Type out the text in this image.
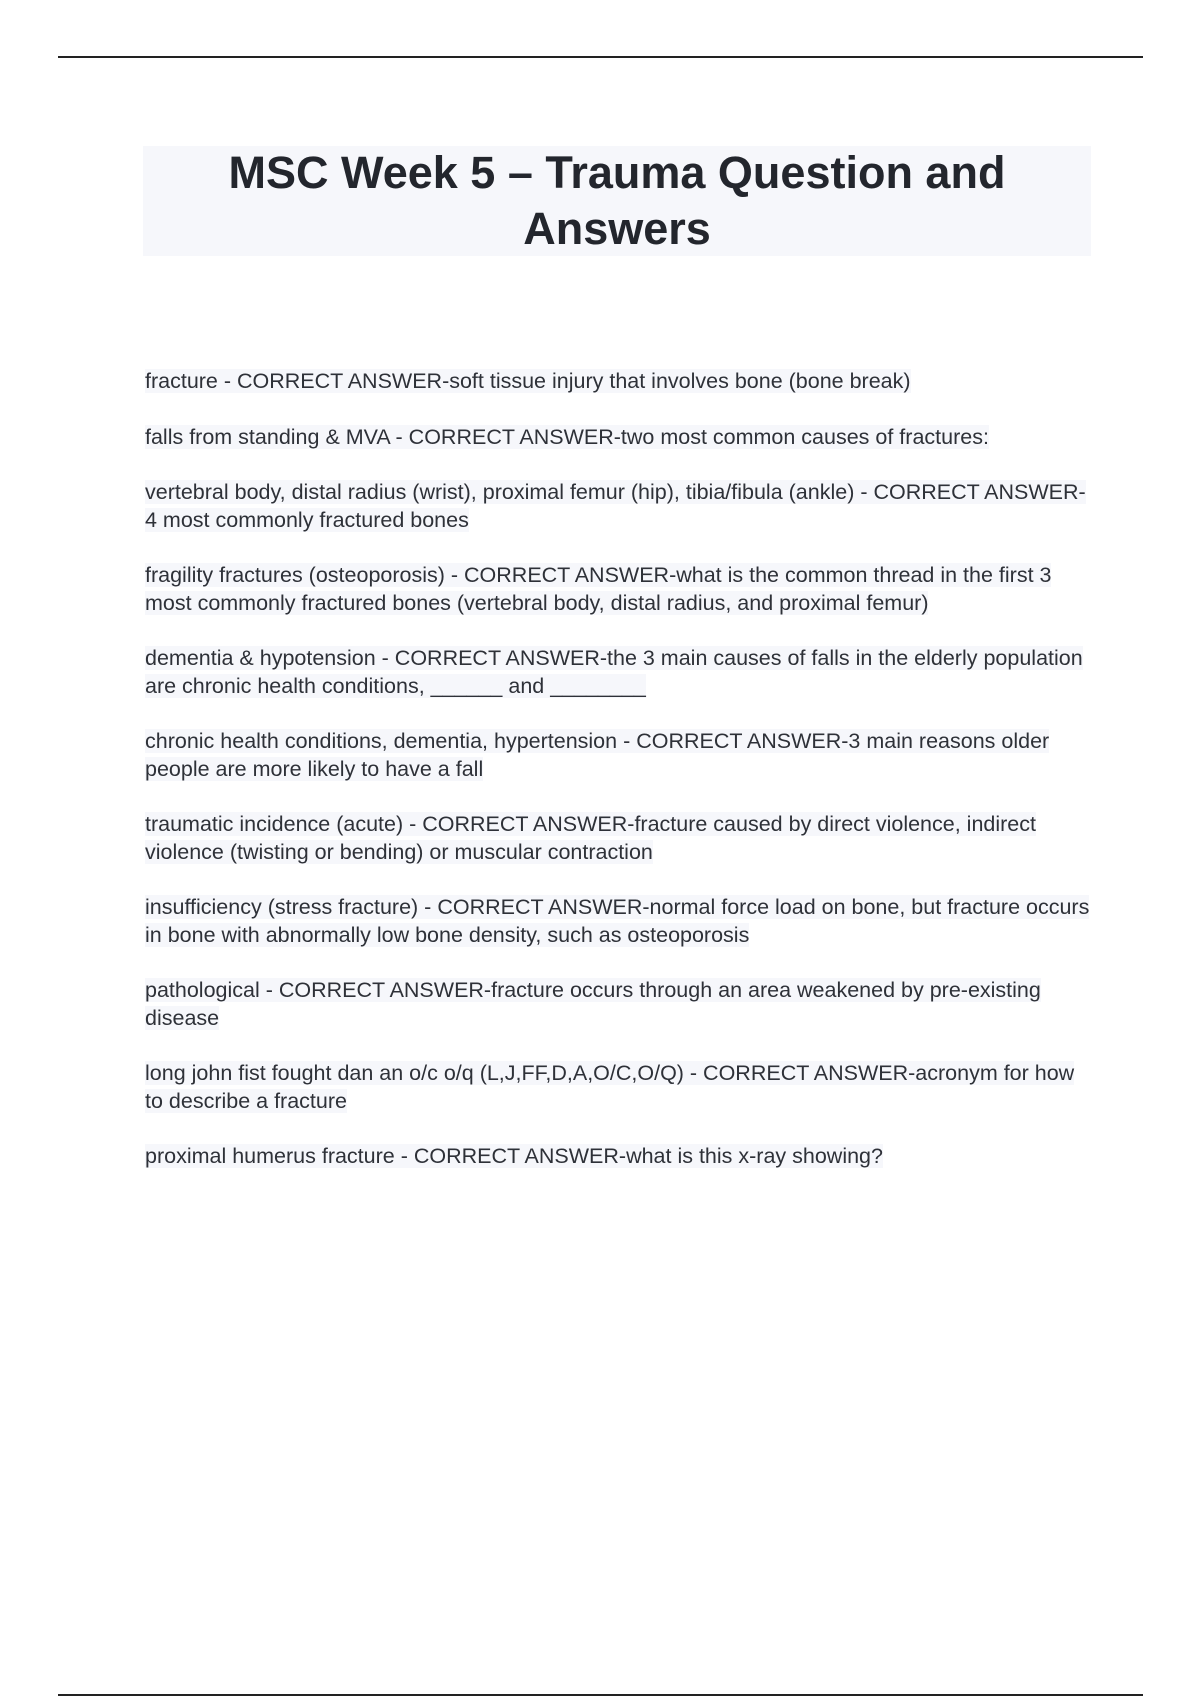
MSC Week 5 – Trauma Question and Answers
fracture - CORRECT ANSWER-soft tissue injury that involves bone (bone break)
falls from standing & MVA - CORRECT ANSWER-two most common causes of fractures:
vertebral body, distal radius (wrist), proximal femur (hip), tibia/fibula (ankle) - CORRECT ANSWER-4 most commonly fractured bones
fragility fractures (osteoporosis) - CORRECT ANSWER-what is the common thread in the first 3 most commonly fractured bones (vertebral body, distal radius, and proximal femur)
dementia & hypotension - CORRECT ANSWER-the 3 main causes of falls in the elderly population are chronic health conditions, ______ and ________
chronic health conditions, dementia, hypertension - CORRECT ANSWER-3 main reasons older people are more likely to have a fall
traumatic incidence (acute) - CORRECT ANSWER-fracture caused by direct violence, indirect violence (twisting or bending) or muscular contraction
insufficiency (stress fracture) - CORRECT ANSWER-normal force load on bone, but fracture occurs in bone with abnormally low bone density, such as osteoporosis
pathological - CORRECT ANSWER-fracture occurs through an area weakened by pre-existing disease
long john fist fought dan an o/c o/q (L,J,FF,D,A,O/C,O/Q) - CORRECT ANSWER-acronym for how to describe a fracture
proximal humerus fracture - CORRECT ANSWER-what is this x-ray showing?
